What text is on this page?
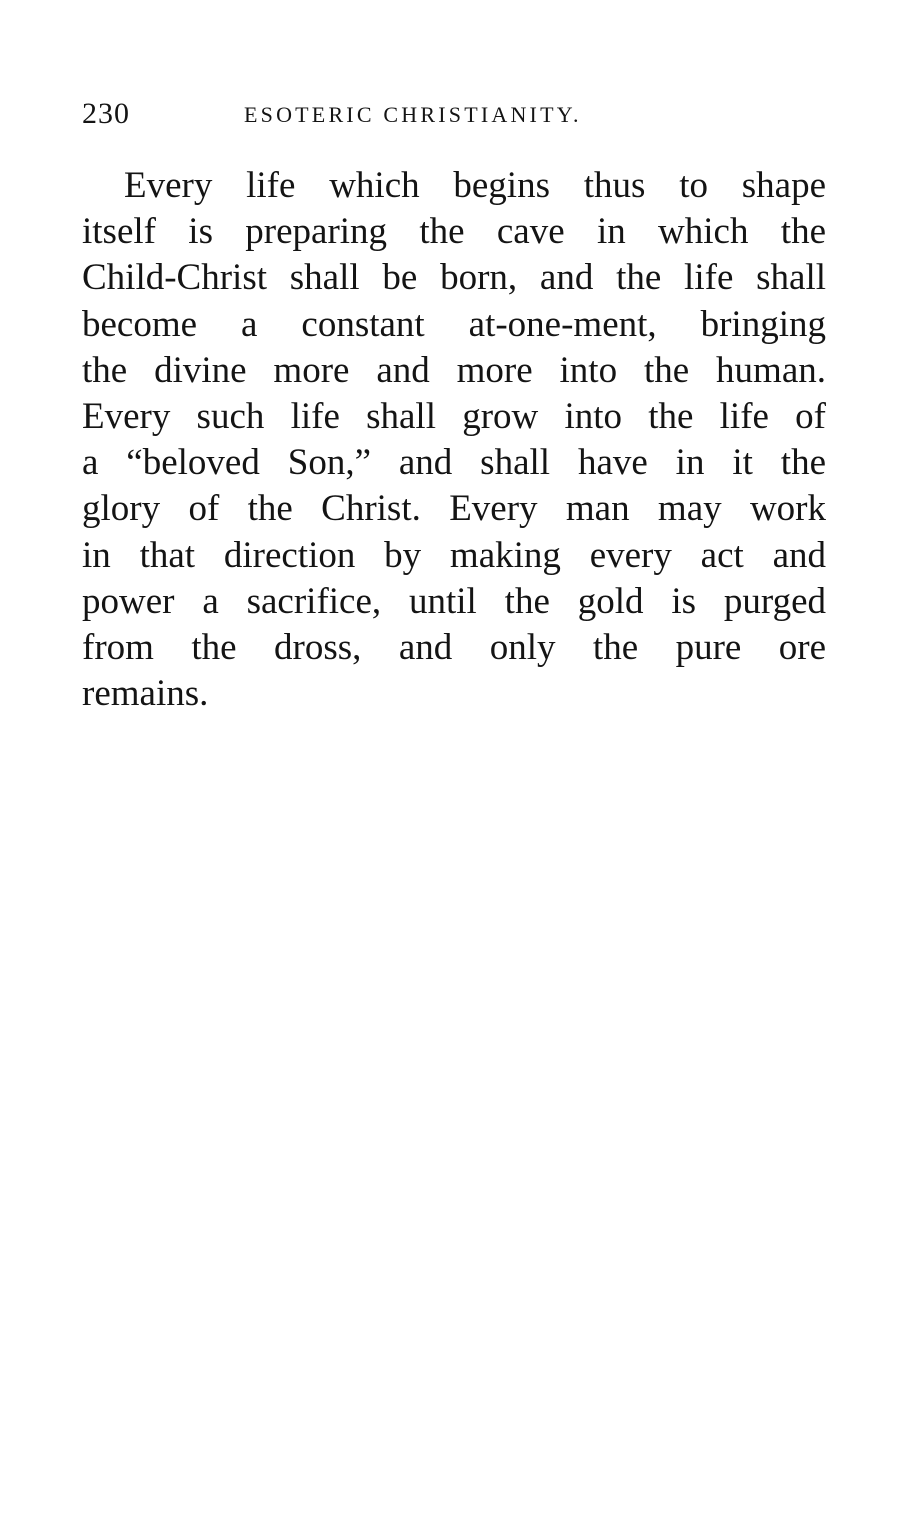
230	ESOTERIC CHRISTIANITY.
Every life which begins thus to shape
itself is preparing the cave in which the
Child-Christ shall be born, and the life shall
become a constant at-one-ment, bringing
the divine more and more into the human.
Every such life shall grow into the life of
a “beloved Son,” and shall have in it the
glory of the Christ. Every man may work
in that direction by making every act and
power a sacrifice, until the gold is purged
from the dross, and only the pure ore
remains.
